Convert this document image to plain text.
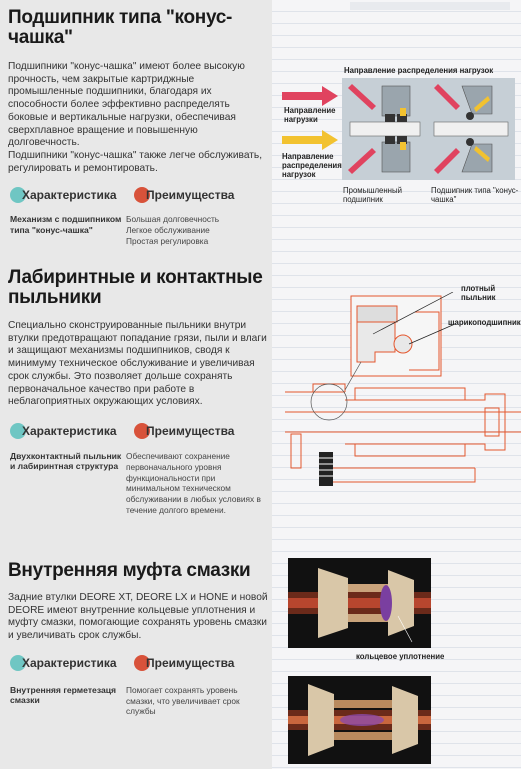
Подшипник типа "конус-чашка"

Подшипники "конус-чашка" имеют более высокую прочность, чем закрытые картриджные промышленные подшипники, благодаря их способности более эффективно распределять боковые и вертикальные нагрузки, обеспечивая сверхплавное вращение и повышенную долговечность.

Подшипники "конус-чашка" также легче обслуживать, регулировать и ремонтировать.

Характеристика Преимущества
Механизм с подшипником типа "конус-чашка"
Большая долговечность
Легкое обслуживание
Простая регулировка
Направление распределения нагрузок
Направление нагрузки
Направление распределения нагрузок
Промышленный подшипник
Подшипник типа "конус-чашка"
Лабиринтные и контактные пыльники

Специально сконструированные пыльники внутри втулки предотвращают попадание грязи, пыли и влаги и защищают механизмы подшипников, сводя к минимуму техническое обслуживание и увеличивая срок службы. Это позволяет дольше сохранять первоначальное качество при работе в неблагоприятных окружающих условиях.

Характеристика Преимущества
Двухконтактный пыльник и лабиринтная структура
Обеспечивают сохранение первоначального уровня функциональности при минимальном техническом обслуживании в любых условиях в течение долгого времени.
плотный пыльник
шарикоподшипник
Внутренняя муфта смазки

Задние втулки DEORE XT, DEORE LX и HONE и новой DEORE имеют внутренние кольцевые уплотнения и муфту смазки, помогающие сохранять уровень смазки и увеличивать срок службы.

Характеристика Преимущества
Внутренняя герметезаця смазки
Помогает сохранять уровень смазки, что увеличивает срок службы
кольцевое уплотнение
